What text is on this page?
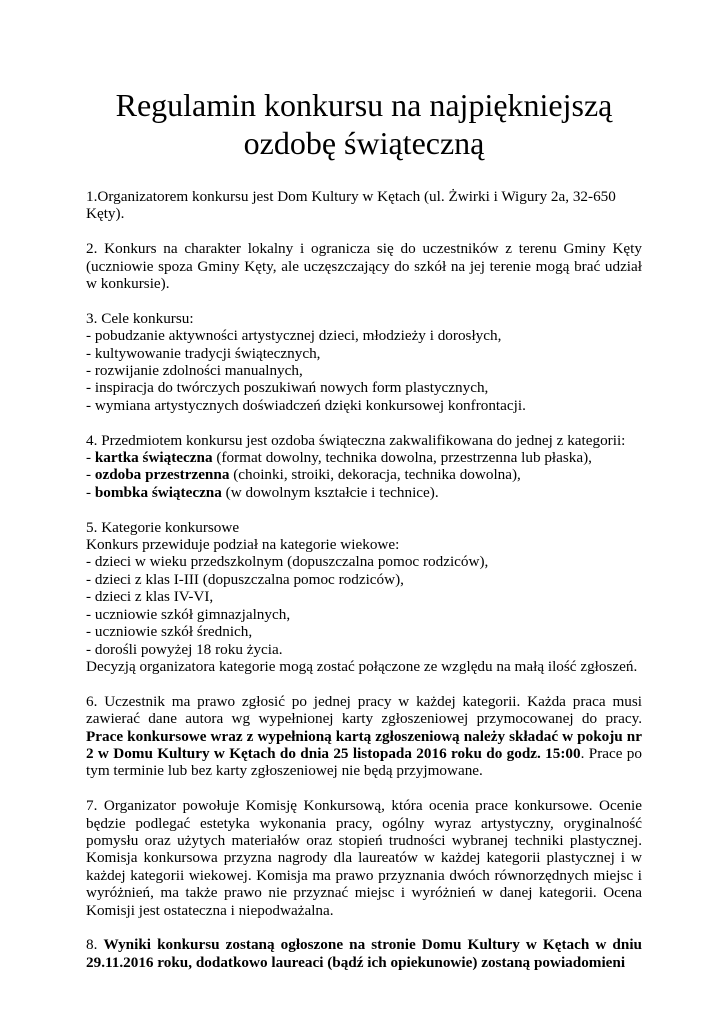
Regulamin konkursu na najpiękniejszą
ozdobę świąteczną

1.Organizatorem konkursu jest Dom Kultury w Kętach (ul. Żwirki i Wigury 2a, 32-650 Kęty).

2. Konkurs na charakter lokalny i ogranicza się do uczestników z terenu Gminy Kęty (uczniowie spoza Gminy Kęty, ale uczęszczający do szkół na jej terenie mogą brać udział w konkursie).

3. Cele konkursu:
- pobudzanie aktywności artystycznej dzieci, młodzieży i dorosłych,
- kultywowanie tradycji świątecznych,
- rozwijanie zdolności manualnych,
- inspiracja do twórczych poszukiwań nowych form plastycznych,
- wymiana artystycznych doświadczeń dzięki konkursowej konfrontacji.
4. Przedmiotem konkursu jest ozdoba świąteczna zakwalifikowana do jednej z kategorii:
- kartka świąteczna (format dowolny, technika dowolna, przestrzenna lub płaska),
- ozdoba przestrzenna (choinki, stroiki, dekoracja, technika dowolna),
- bombka świąteczna (w dowolnym kształcie i technice).
5. Kategorie konkursowe
Konkurs przewiduje podział na kategorie wiekowe:
- dzieci w wieku przedszkolnym (dopuszczalna pomoc rodziców),
- dzieci z klas I-III (dopuszczalna pomoc rodziców),
- dzieci z klas IV-VI,
- uczniowie szkół gimnazjalnych,
- uczniowie szkół średnich,
- dorośli powyżej 18 roku życia.
Decyzją organizatora kategorie mogą zostać połączone ze względu na małą ilość zgłoszeń.

6. Uczestnik ma prawo zgłosić po jednej pracy w każdej kategorii. Każda praca musi zawierać dane autora wg wypełnionej karty zgłoszeniowej przymocowanej do pracy. Prace konkursowe wraz z wypełnioną kartą zgłoszeniową należy składać w pokoju nr 2 w Domu Kultury w Kętach do dnia 25 listopada 2016 roku do godz. 15:00. Prace po tym terminie lub bez karty zgłoszeniowej nie będą przyjmowane.

7. Organizator powołuje Komisję Konkursową, która ocenia prace konkursowe. Ocenie będzie podlegać estetyka wykonania pracy, ogólny wyraz artystyczny, oryginalność pomysłu oraz użytych materiałów oraz stopień trudności wybranej techniki plastycznej. Komisja konkursowa przyzna nagrody dla laureatów w każdej kategorii plastycznej i w każdej kategorii wiekowej. Komisja ma prawo przyznania dwóch równorzędnych miejsc i wyróżnień, ma także prawo nie przyznać miejsc i wyróżnień w danej kategorii. Ocena Komisji jest ostateczna i niepodważalna.

8. Wyniki konkursu zostaną ogłoszone na stronie Domu Kultury w Kętach w dniu 29.11.2016 roku, dodatkowo laureaci (bądź ich opiekunowie) zostaną powiadomieni
